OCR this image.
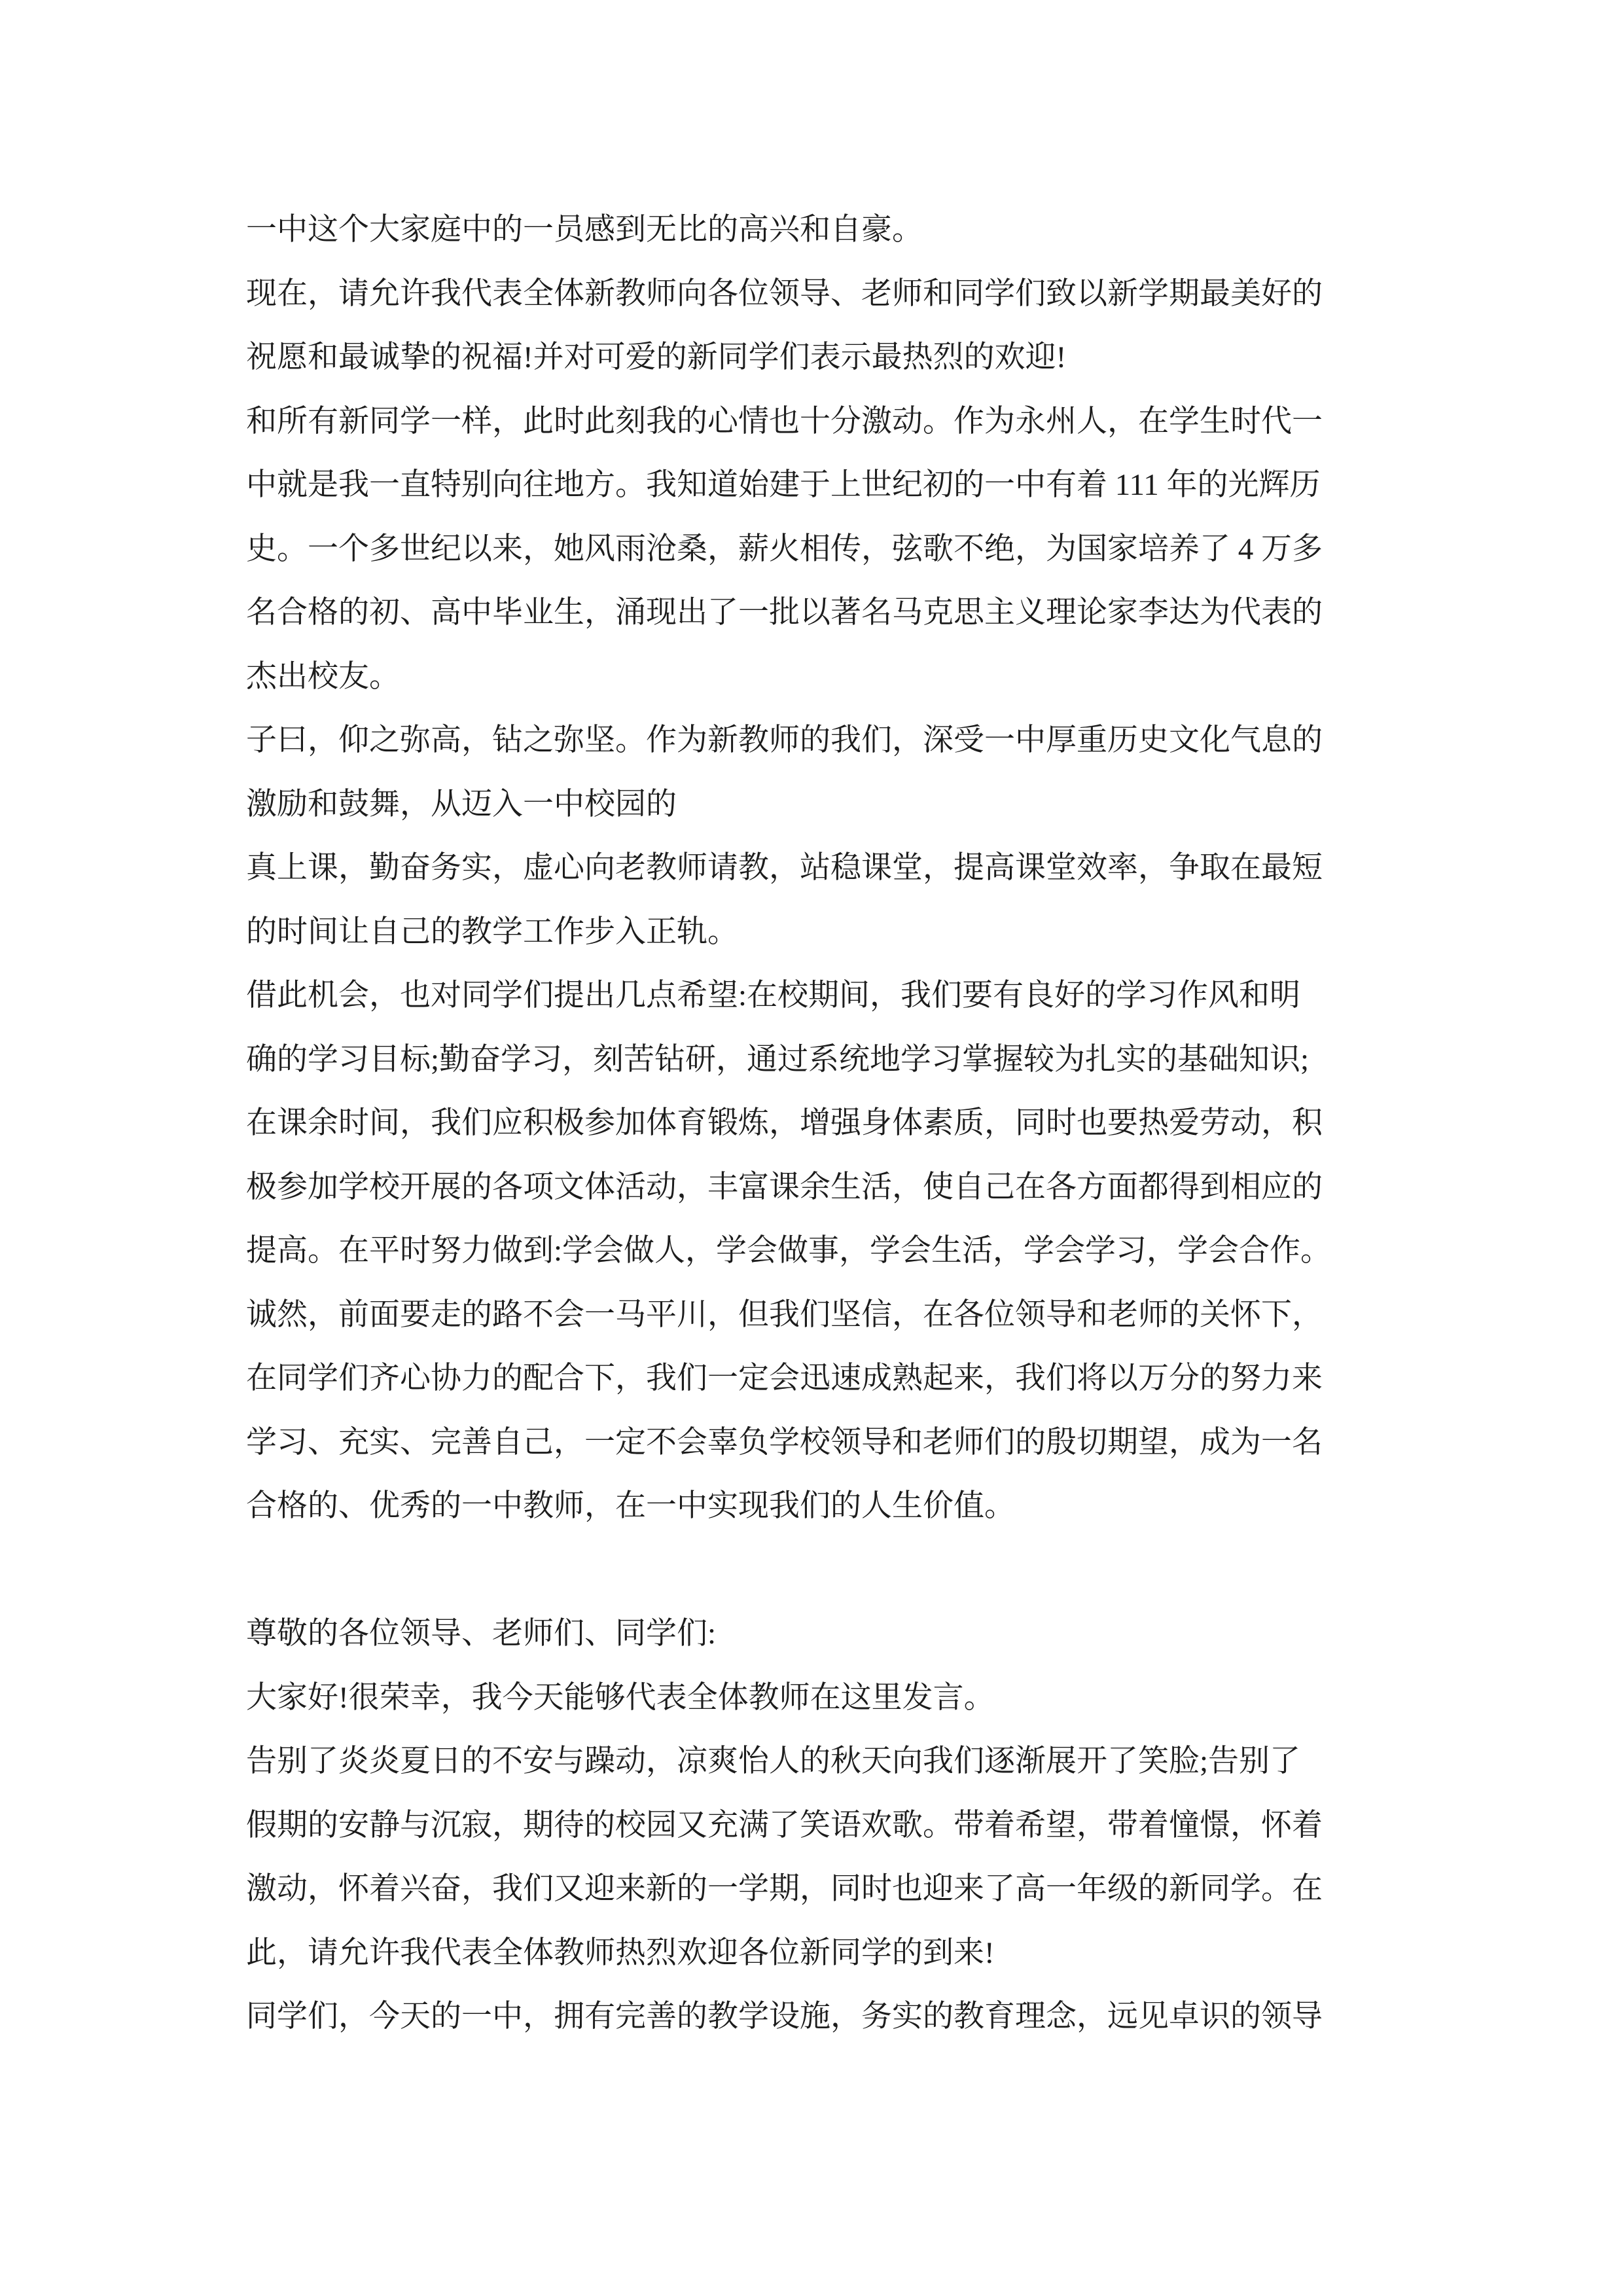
一中这个大家庭中的一员感到无比的高兴和自豪。
现在，请允许我代表全体新教师向各位领导、老师和同学们致以新学期最美好的
祝愿和最诚挚的祝福!并对可爱的新同学们表示最热烈的欢迎!
和所有新同学一样，此时此刻我的心情也十分激动。作为永州人，在学生时代一
中就是我一直特别向往地方。我知道始建于上世纪初的一中有着 111 年的光辉历
史。一个多世纪以来，她风雨沧桑，薪火相传，弦歌不绝，为国家培养了 4 万多
名合格的初、高中毕业生，涌现出了一批以著名马克思主义理论家李达为代表的
杰出校友。
子曰，仰之弥高，钻之弥坚。作为新教师的我们，深受一中厚重历史文化气息的
激励和鼓舞，从迈入一中校园的
真上课，勤奋务实，虚心向老教师请教，站稳课堂，提高课堂效率，争取在最短
的时间让自己的教学工作步入正轨。
借此机会，也对同学们提出几点希望:在校期间，我们要有良好的学习作风和明
确的学习目标;勤奋学习，刻苦钻研，通过系统地学习掌握较为扎实的基础知识;
在课余时间，我们应积极参加体育锻炼，增强身体素质，同时也要热爱劳动，积
极参加学校开展的各项文体活动，丰富课余生活，使自己在各方面都得到相应的
提高。在平时努力做到:学会做人，学会做事，学会生活，学会学习，学会合作。
诚然，前面要走的路不会一马平川，但我们坚信，在各位领导和老师的关怀下，
在同学们齐心协力的配合下，我们一定会迅速成熟起来，我们将以万分的努力来
学习、充实、完善自己，一定不会辜负学校领导和老师们的殷切期望，成为一名
合格的、优秀的一中教师，在一中实现我们的人生价值。
尊敬的各位领导、老师们、同学们:
大家好!很荣幸，我今天能够代表全体教师在这里发言。
告别了炎炎夏日的不安与躁动，凉爽怡人的秋天向我们逐渐展开了笑脸;告别了
假期的安静与沉寂，期待的校园又充满了笑语欢歌。带着希望，带着憧憬，怀着
激动，怀着兴奋，我们又迎来新的一学期，同时也迎来了高一年级的新同学。在
此，请允许我代表全体教师热烈欢迎各位新同学的到来!
同学们，今天的一中，拥有完善的教学设施，务实的教育理念，远见卓识的领导
